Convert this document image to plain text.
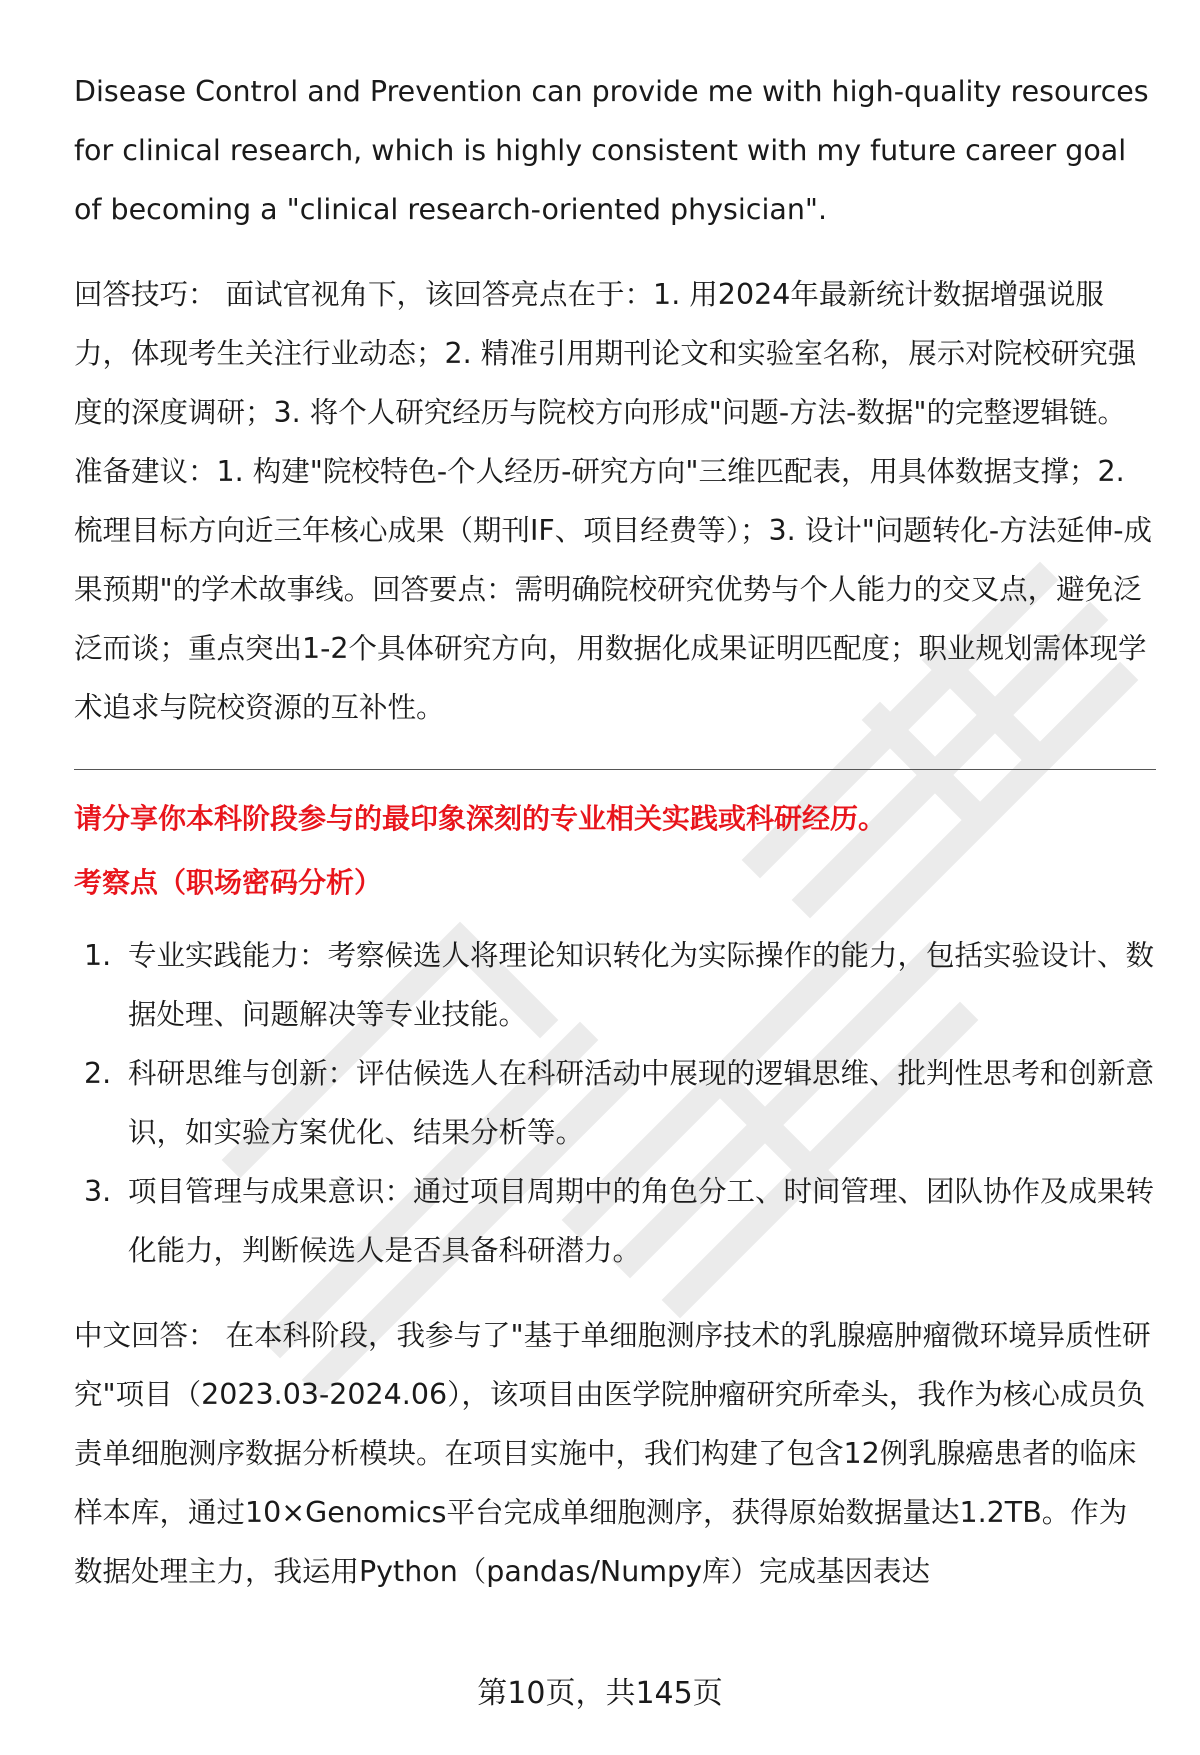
Disease Control and Prevention can provide me with high-quality resources for clinical research, which is highly consistent with my future career goal of becoming a "clinical research-oriented physician".

回答技巧： 面试官视角下，该回答亮点在于：1. 用2024年最新统计数据增强说服力，体现考生关注行业动态；2. 精准引用期刊论文和实验室名称，展示对院校研究强度的深度调研；3. 将个人研究经历与院校方向形成"问题-方法-数据"的完整逻辑链。准备建议：1. 构建"院校特色-个人经历-研究方向"三维匹配表，用具体数据支撑；2. 梳理目标方向近三年核心成果（期刊IF、项目经费等）；3. 设计"问题转化-方法延伸-成果预期"的学术故事线。回答要点：需明确院校研究优势与个人能力的交叉点，避免泛泛而谈；重点突出1-2个具体研究方向，用数据化成果证明匹配度；职业规划需体现学术追求与院校资源的互补性。

请分享你本科阶段参与的最印象深刻的专业相关实践或科研经历。

考察点（职场密码分析）

1. 专业实践能力：考察候选人将理论知识转化为实际操作的能力，包括实验设计、数据处理、问题解决等专业技能。
2. 科研思维与创新：评估候选人在科研活动中展现的逻辑思维、批判性思考和创新意识，如实验方案优化、结果分析等。
3. 项目管理与成果意识：通过项目周期中的角色分工、时间管理、团队协作及成果转化能力，判断候选人是否具备科研潜力。

中文回答： 在本科阶段，我参与了"基于单细胞测序技术的乳腺癌肿瘤微环境异质性研究"项目（2023.03-2024.06），该项目由医学院肿瘤研究所牵头，我作为核心成员负责单细胞测序数据分析模块。在项目实施中，我们构建了包含12例乳腺癌患者的临床样本库，通过10×Genomics平台完成单细胞测序，获得原始数据量达1.2TB。作为数据处理主力，我运用Python（pandas/Numpy库）完成基因表达

第10页，共145页
